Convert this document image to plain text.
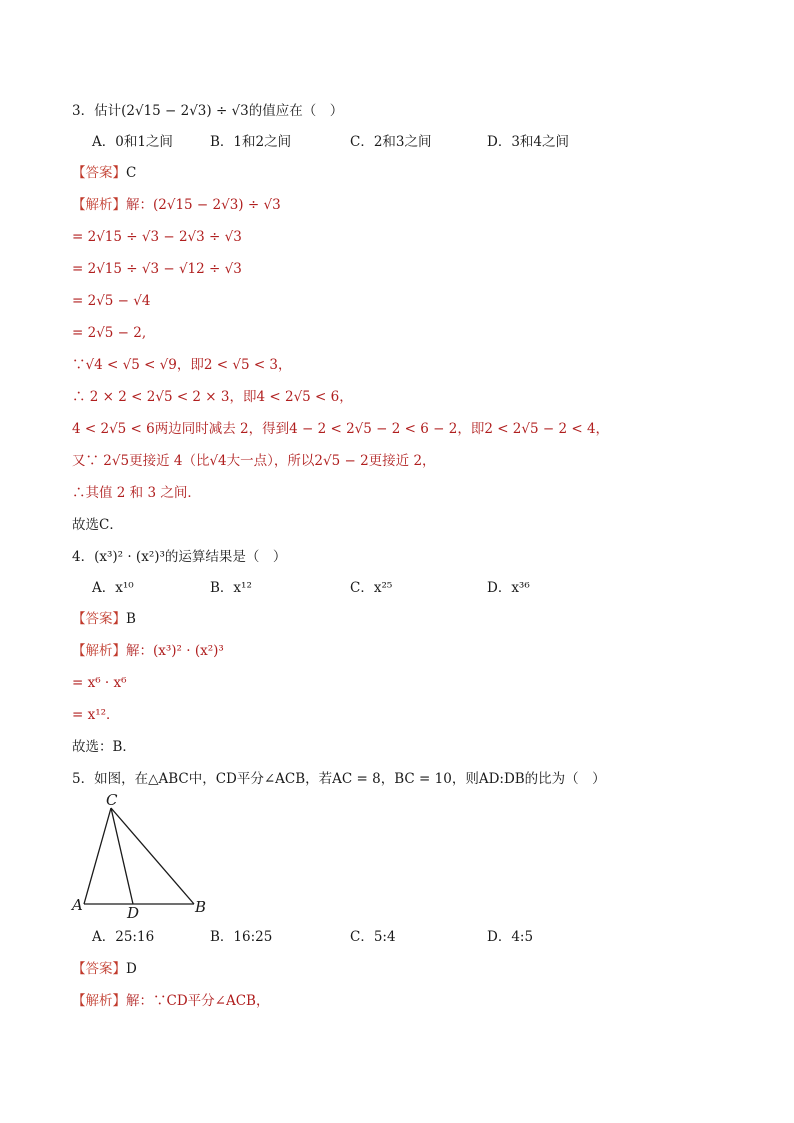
3．估计(2√15 − 2√3) ÷ √3的值应在（　）
A．0和1之间	B．1和2之间	C．2和3之间	D．3和4之间
【答案】C
【解析】解：(2√15 − 2√3) ÷ √3
= 2√15 ÷ √3 − 2√3 ÷ √3
= 2√15 ÷ √3 − √12 ÷ √3
= 2√5 − √4
= 2√5 − 2,
∵√4 < √5 < √9，即2 < √5 < 3，
∴ 2 × 2 < 2√5 < 2 × 3，即4 < 2√5 < 6，
4 < 2√5 < 6两边同时减去 2，得到4 − 2 < 2√5 − 2 < 6 − 2，即2 < 2√5 − 2 < 4，
又∵ 2√5更接近 4（比√4大一点），所以2√5 − 2更接近 2，
∴其值 2 和 3 之间．
故选C．
4．(x³)² · (x²)³的运算结果是（　）
A．x¹⁰	B．x¹²	C．x²⁵	D．x³⁶
【答案】B
【解析】解：(x³)² · (x²)³
= x⁶ · x⁶
= x¹²．
故选：B．
5．如图，在△ABC中，CD平分∠ACB，若AC = 8，BC = 10，则AD:DB的比为（　）
C
A	D	B
A．25:16	B．16:25	C．5:4	D．4:5
【答案】D
【解析】解：∵CD平分∠ACB，
